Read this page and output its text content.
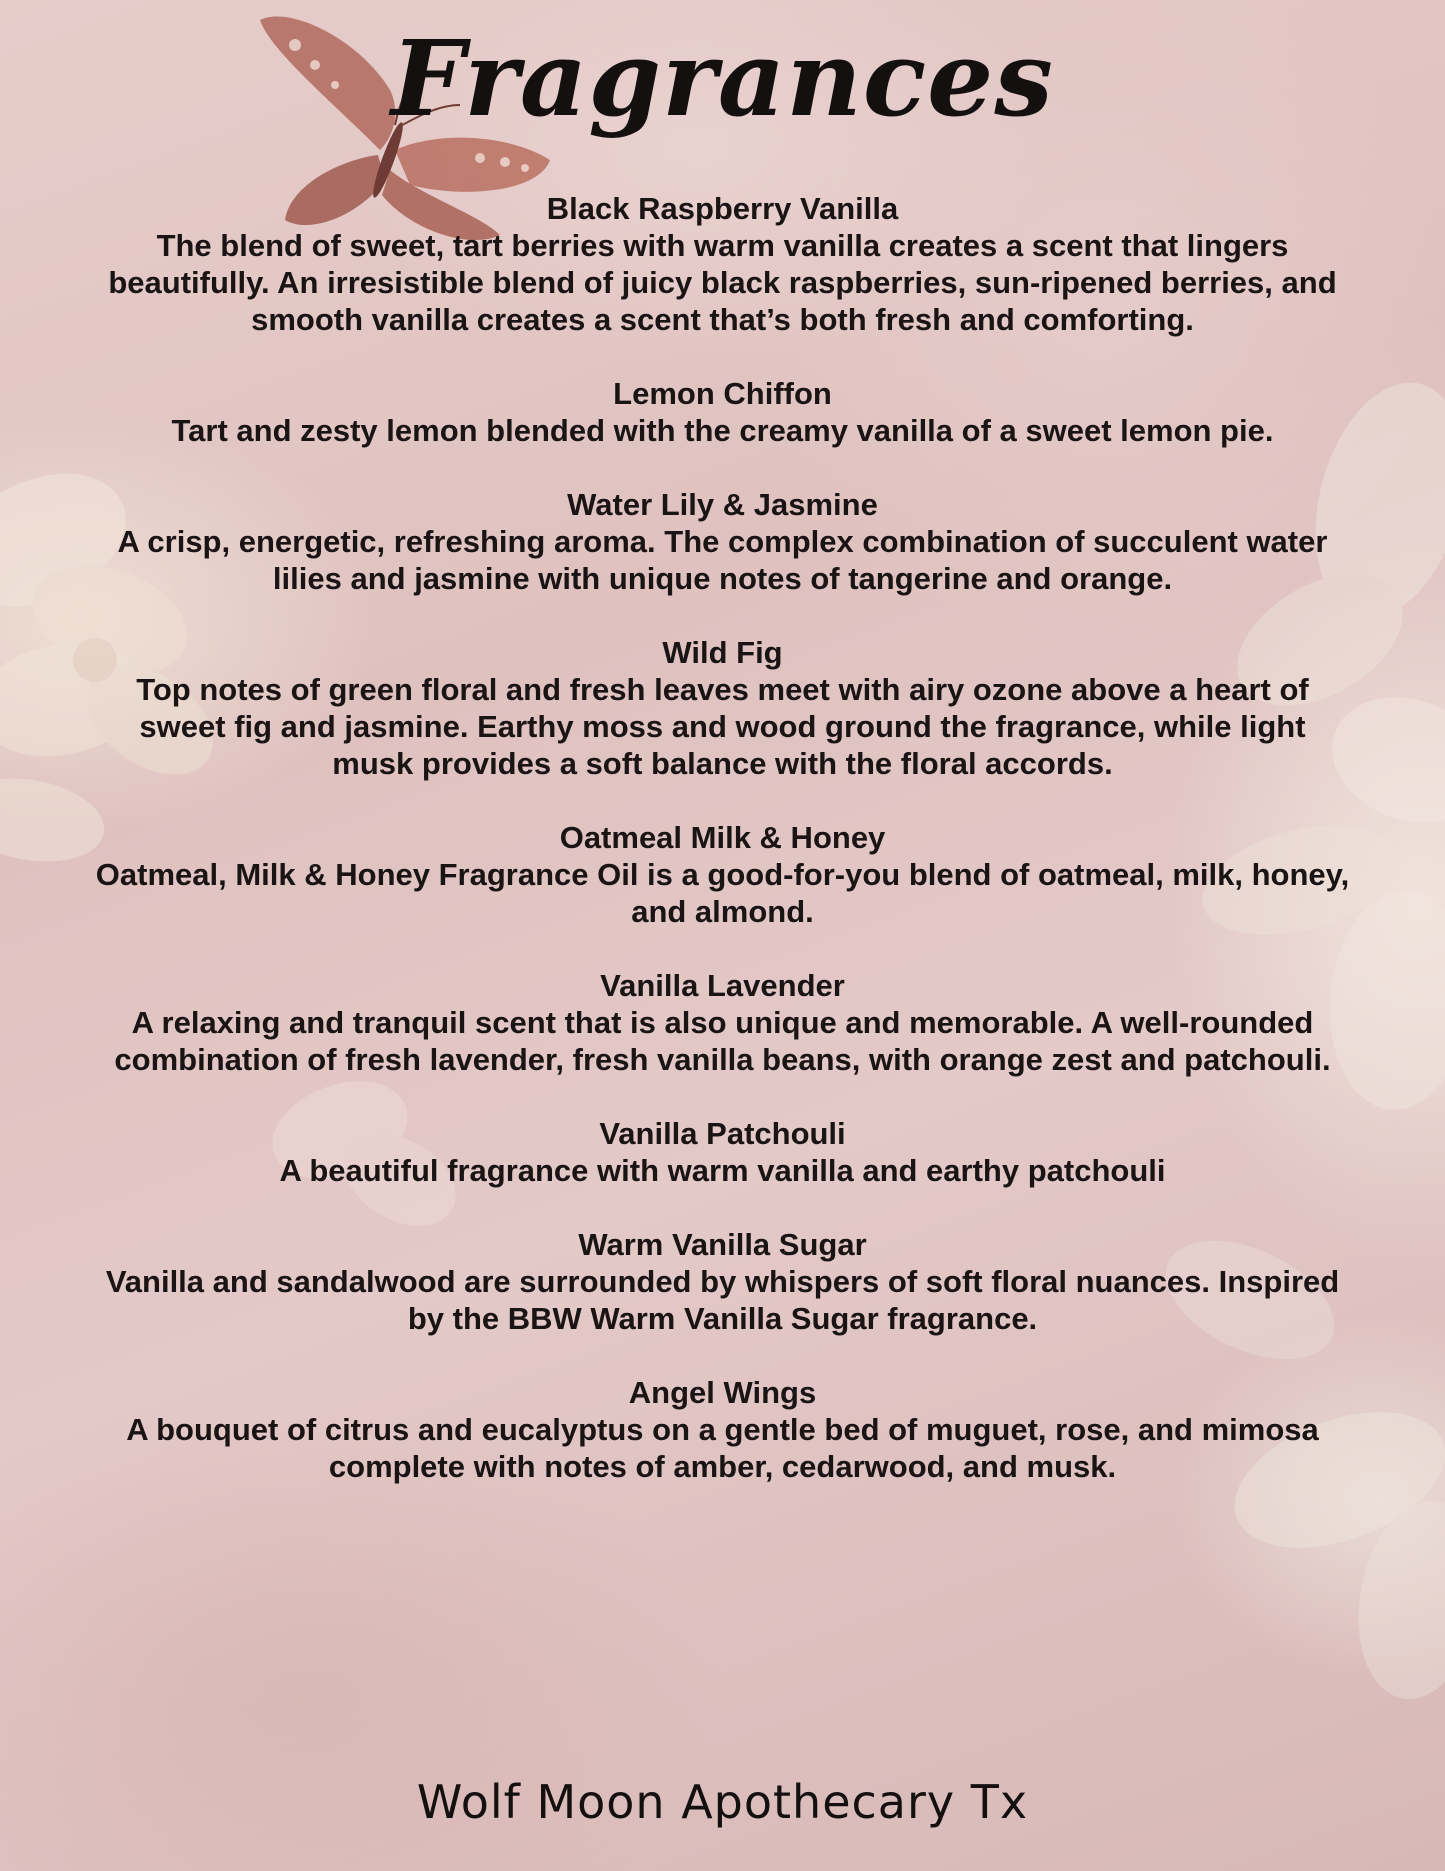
Fragrances
Black Raspberry Vanilla
The blend of sweet, tart berries with warm vanilla creates a scent that lingers beautifully. An irresistible blend of juicy black raspberries, sun-ripened berries, and smooth vanilla creates a scent that’s both fresh and comforting.
Lemon Chiffon
Tart and zesty lemon blended with the creamy vanilla of a sweet lemon pie.
Water Lily & Jasmine
A crisp, energetic, refreshing aroma. The complex combination of succulent water lilies and jasmine with unique notes of tangerine and orange.
Wild Fig
Top notes of green floral and fresh leaves meet with airy ozone above a heart of sweet fig and jasmine. Earthy moss and wood ground the fragrance, while light musk provides a soft balance with the floral accords.
Oatmeal Milk & Honey
Oatmeal, Milk & Honey Fragrance Oil is a good-for-you blend of oatmeal, milk, honey, and almond.
Vanilla Lavender
A relaxing and tranquil scent that is also unique and memorable. A well-rounded combination of fresh lavender, fresh vanilla beans, with orange zest and patchouli.
Vanilla Patchouli
A beautiful fragrance with warm vanilla and earthy patchouli
Warm Vanilla Sugar
Vanilla and sandalwood are surrounded by whispers of soft floral nuances. Inspired by the BBW Warm Vanilla Sugar fragrance.
Angel Wings
A bouquet of citrus and eucalyptus on a gentle bed of muguet, rose, and mimosa complete with notes of amber, cedarwood, and musk.
Wolf Moon Apothecary Tx
